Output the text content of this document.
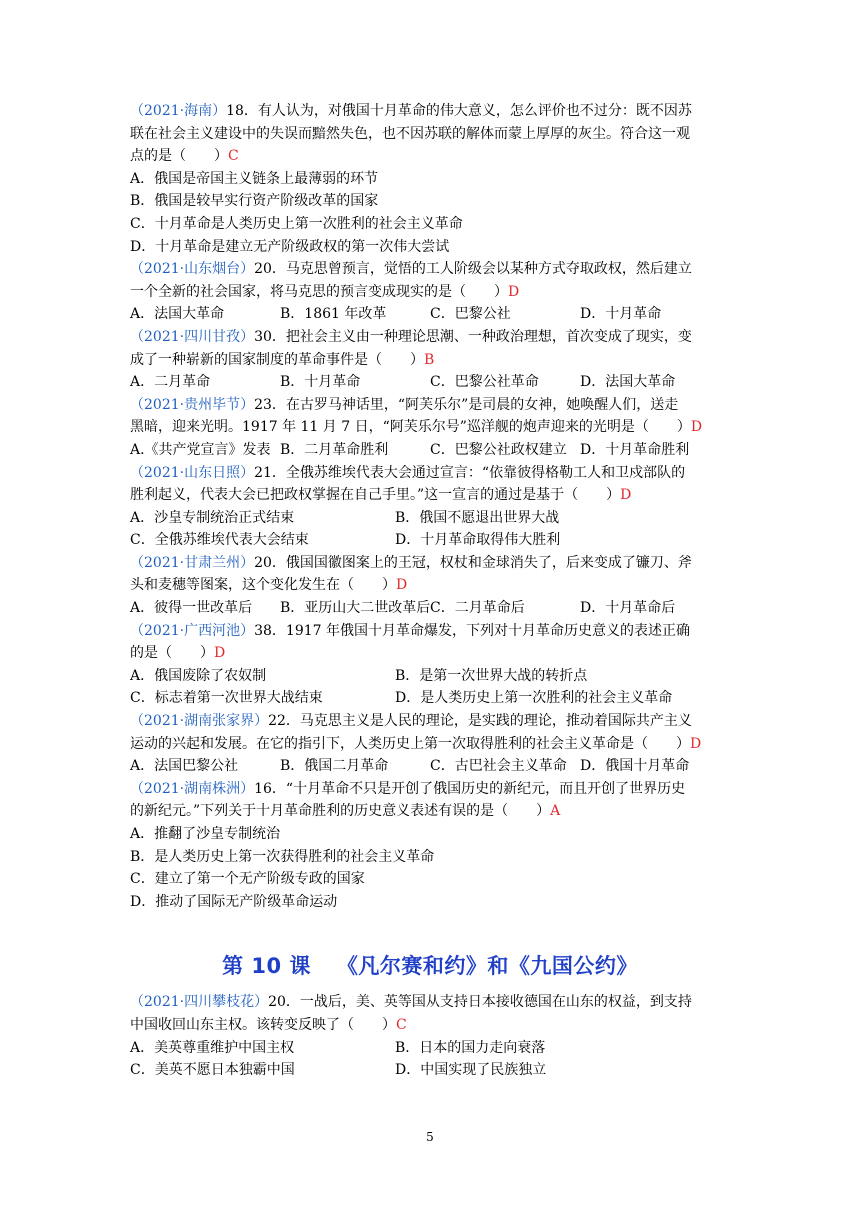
（2021·海南）18．有人认为，对俄国十月革命的伟大意义，怎么评价也不过分：既不因苏
联在社会主义建设中的失误而黯然失色，也不因苏联的解体而蒙上厚厚的灰尘。符合这一观
点的是（　　）C
A．俄国是帝国主义链条上最薄弱的环节
B．俄国是较早实行资产阶级改革的国家
C．十月革命是人类历史上第一次胜利的社会主义革命
D．十月革命是建立无产阶级政权的第一次伟大尝试
（2021·山东烟台）20．马克思曾预言，觉悟的工人阶级会以某种方式夺取政权，然后建立
一个全新的社会国家，将马克思的预言变成现实的是（　　）D
A．法国大革命	B．1861 年改革	C．巴黎公社	D．十月革命
（2021·四川甘孜）30．把社会主义由一种理论思潮、一种政治理想，首次变成了现实，变
成了一种崭新的国家制度的革命事件是（　　）B
A．二月革命	B．十月革命	C．巴黎公社革命	D．法国大革命
（2021·贵州毕节）23．在古罗马神话里，“阿芙乐尔”是司晨的女神，她唤醒人们，送走
黑暗，迎来光明。1917 年 11 月 7 日，“阿芙乐尔号”巡洋舰的炮声迎来的光明是（　　）D
A.《共产党宣言》发表 B．二月革命胜利	C．巴黎公社政权建立 D．十月革命胜利
（2021·山东日照）21．全俄苏维埃代表大会通过宣言：“依靠彼得格勒工人和卫戍部队的
胜利起义，代表大会已把政权掌握在自己手里。”这一宣言的通过是基于（　　）D
A．沙皇专制统治正式结束	B．俄国不愿退出世界大战
C．全俄苏维埃代表大会结束	D．十月革命取得伟大胜利
（2021·甘肃兰州）20．俄国国徽图案上的王冠，权杖和金球消失了，后来变成了镰刀、斧
头和麦穗等图案，这个变化发生在（　　）D
A．彼得一世改革后	B．亚历山大二世改革后 C．二月革命后	D．十月革命后
（2021·广西河池）38．1917 年俄国十月革命爆发，下列对十月革命历史意义的表述正确
的是（　　）D
A．俄国废除了农奴制	B．是第一次世界大战的转折点
C．标志着第一次世界大战结束	D．是人类历史上第一次胜利的社会主义革命
（2021·湖南张家界）22．马克思主义是人民的理论，是实践的理论，推动着国际共产主义
运动的兴起和发展。在它的指引下，人类历史上第一次取得胜利的社会主义革命是（　　）D
A．法国巴黎公社	B．俄国二月革命	C．古巴社会主义革命 D．俄国十月革命
（2021·湖南株洲）16．“十月革命不只是开创了俄国历史的新纪元，而且开创了世界历史
的新纪元。”下列关于十月革命胜利的历史意义表述有误的是（　　）A
A．推翻了沙皇专制统治
B．是人类历史上第一次获得胜利的社会主义革命
C．建立了第一个无产阶级专政的国家
D．推动了国际无产阶级革命运动
第 10 课 《凡尔赛和约》和《九国公约》
（2021·四川攀枝花）20．一战后，美、英等国从支持日本接收德国在山东的权益，到支持
中国收回山东主权。该转变反映了（　　）C
A．美英尊重维护中国主权	B．日本的国力走向衰落
C．美英不愿日本独霸中国	D．中国实现了民族独立
5
